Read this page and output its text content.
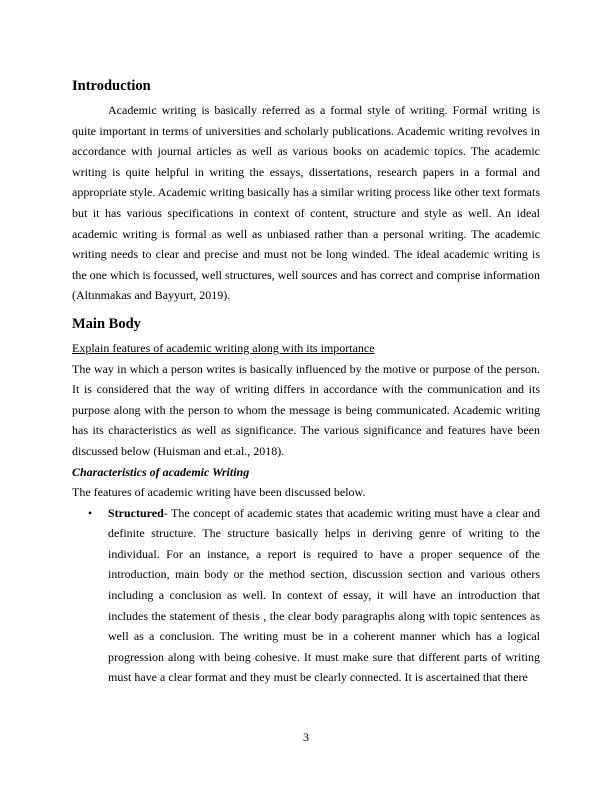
Introduction

Academic writing is basically referred as a formal style of writing. Formal writing is quite important in terms of universities and scholarly publications. Academic writing revolves in accordance with journal articles as well as various books on academic topics. The academic writing is quite helpful in writing the essays, dissertations, research papers in a formal and appropriate style. Academic writing basically has a similar writing process like other text formats but it has various specifications in context of content, structure and style as well. An ideal academic writing is formal as well as unbiased rather than a personal writing. The academic writing needs to clear and precise and must not be long winded. The ideal academic writing is the one which is focussed, well structures, well sources and has correct and comprise information (Altınmakas and Bayyurt, 2019).

Main Body

Explain features of academic writing along with its importance

The way in which a person writes is basically influenced by the motive or purpose of the person. It is considered that the way of writing differs in accordance with the communication and its purpose along with the person to whom the message is being communicated. Academic writing has its characteristics as well as significance. The various significance and features have been discussed below (Huisman and et.al., 2018).

Characteristics of academic Writing

The features of academic writing have been discussed below.

• Structured- The concept of academic states that academic writing must have a clear and definite structure. The structure basically helps in deriving genre of writing to the individual. For an instance, a report is required to have a proper sequence of the introduction, main body or the method section, discussion section and various others including a conclusion as well. In context of essay, it will have an introduction that includes the statement of thesis , the clear body paragraphs along with topic sentences as well as a conclusion. The writing must be in a coherent manner which has a logical progression along with being cohesive. It must make sure that different parts of writing must have a clear format and they must be clearly connected. It is ascertained that there
3
